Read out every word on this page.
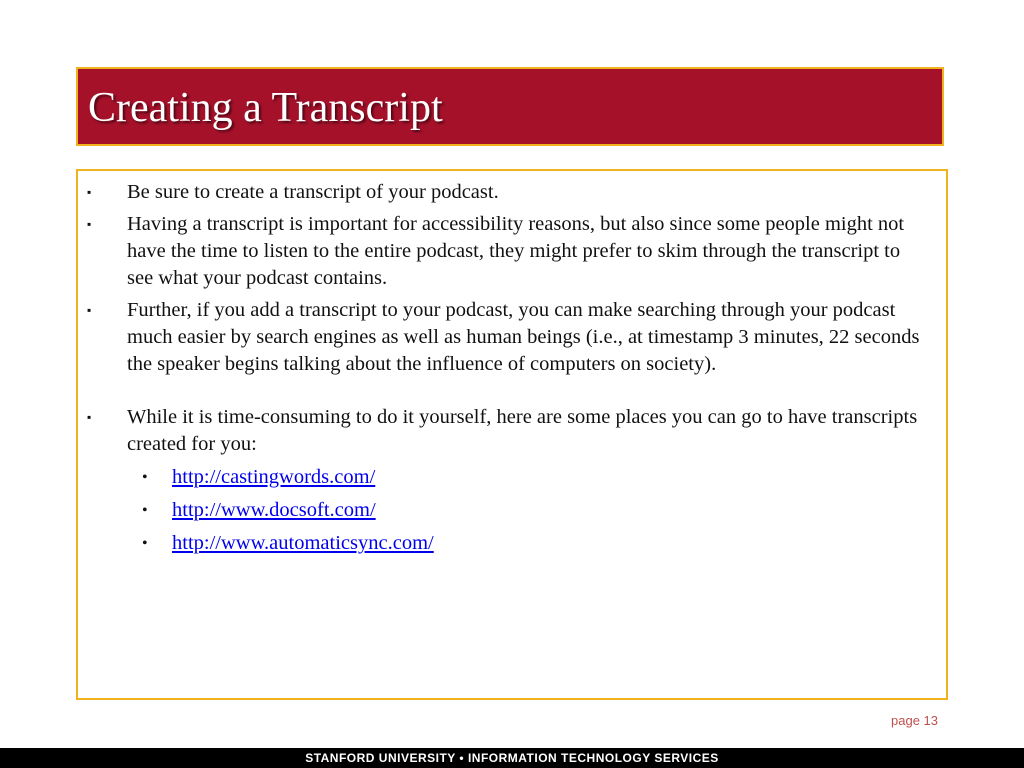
Creating a Transcript
▪ Be sure to create a transcript of your podcast.
▪ Having a transcript is important for accessibility reasons, but also since some people might not have the time to listen to the entire podcast, they might prefer to skim through the transcript to see what your podcast contains.
▪ Further, if you add a transcript to your podcast, you can make searching through your podcast much easier by search engines as well as human beings (i.e., at timestamp 3 minutes, 22 seconds the speaker begins talking about the influence of computers on society).
▪ While it is time-consuming to do it yourself, here are some places you can go to have transcripts created for you:
• http://castingwords.com/
• http://www.docsoft.com/
• http://www.automaticsync.com/
page 13
STANFORD UNIVERSITY • INFORMATION TECHNOLOGY SERVICES
